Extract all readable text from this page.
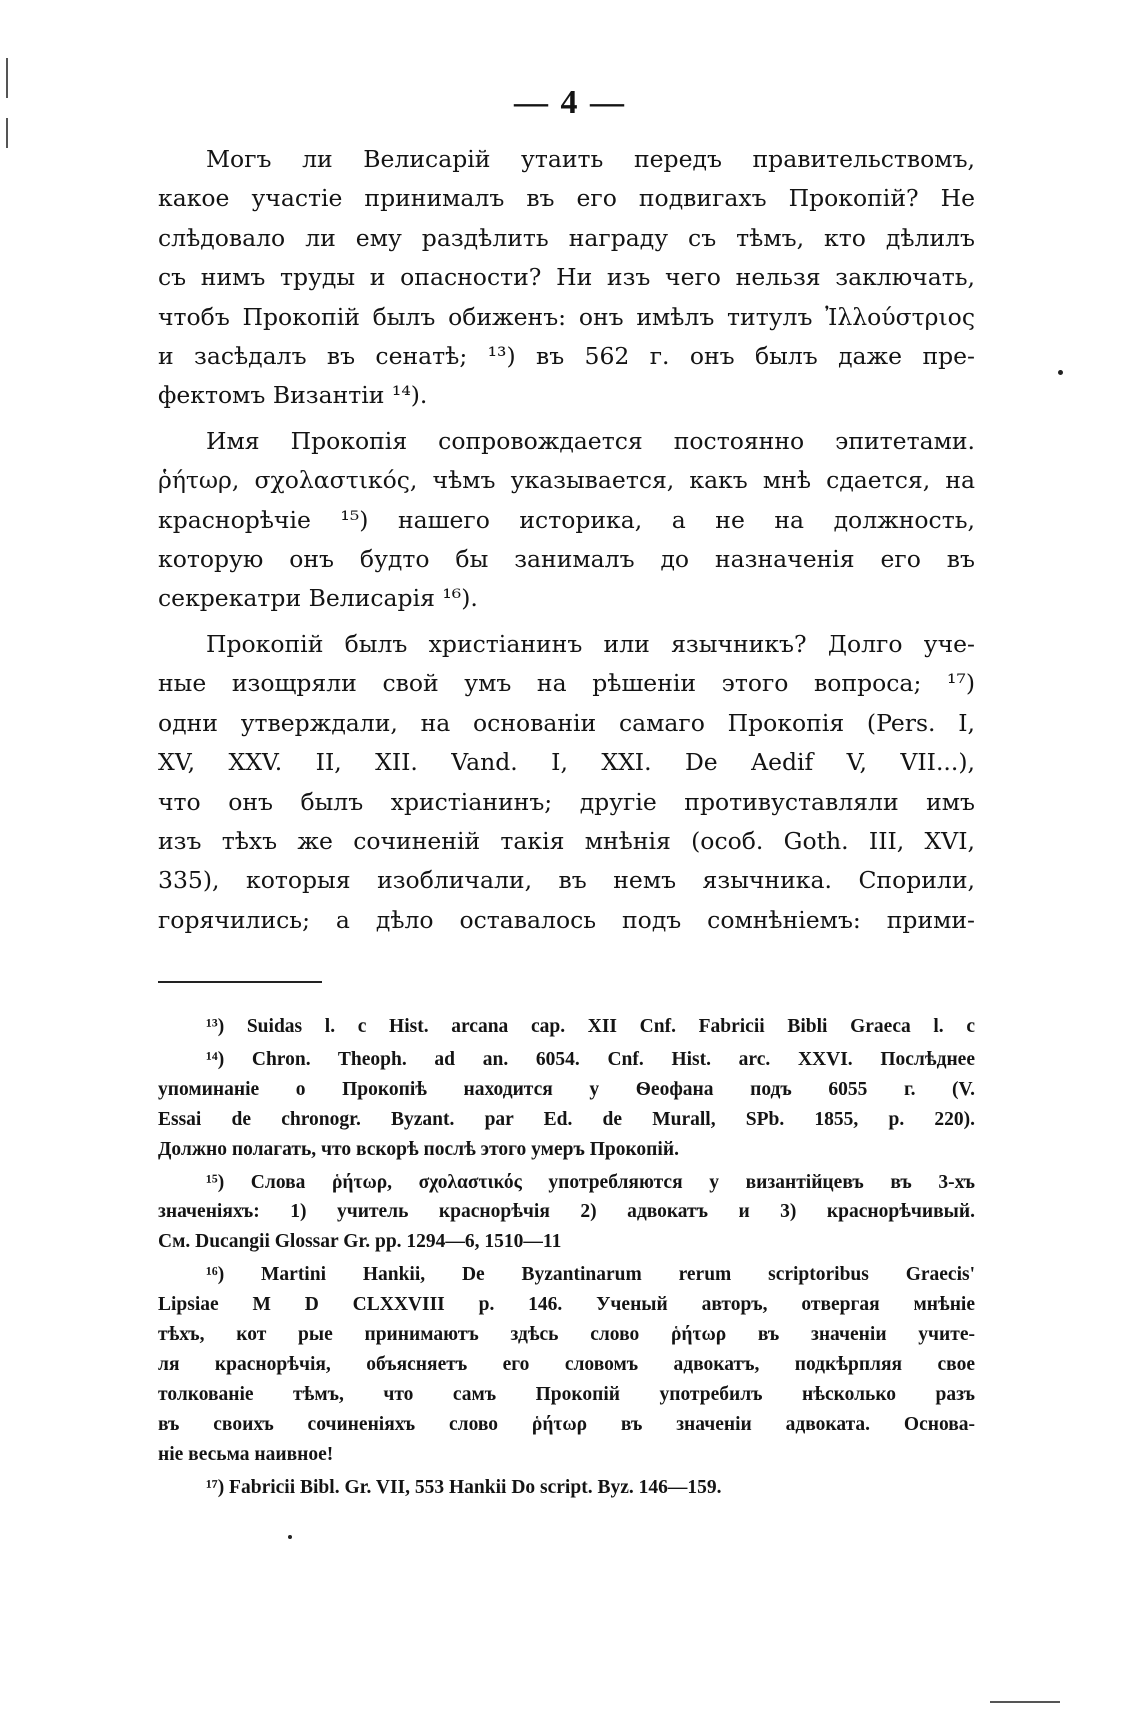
— 4 —
Могъ ли Велисарій утаить передъ правительствомъ,
какое участіе принималъ въ его подвигахъ Прокопій? Не
слѣдовало ли ему раздѣлить награду съ тѣмъ, кто дѣлилъ
съ нимъ труды и опасности? Ни изъ чего нельзя заключать,
чтобъ Прокопій былъ обиженъ: онъ имѣлъ титулъ Ἰλλούστριος
и засѣдалъ въ сенатѣ; ¹³) въ 562 г. онъ былъ даже пре-
фектомъ Византіи ¹⁴).
Имя Прокопія сопровождается постоянно эпитетами.
ῥήτωρ, σχολαστικός, чѣмъ указывается, какъ мнѣ сдается, на
краснорѣчіе ¹⁵) нашего историка, а не на должность,
которую онъ будто бы занималъ до назначенія его въ
секрекатри Велисарія ¹⁶).
Прокопій былъ христіанинъ или язычникъ? Долго уче-
ные изощряли свой умъ на рѣшеніи этого вопроса; ¹⁷)
одни утверждали, на основаніи самаго Прокопія (Pers. I,
XV, XXV. II, XII. Vand. I, XXI. De Aedif V, VII...),
что онъ былъ христіанинъ; другіе противуставляли имъ
изъ тѣхъ же сочиненій такія мнѣнія (особ. Goth. III, XVI,
335), которыя изобличали, въ немъ язычника. Спорили,
горячились; а дѣло оставалось подъ сомнѣніемъ: прими-
¹³) Suidas l. c Hist. arcana cap. XII Cnf. Fabricii Bibli Graeca l. c
¹⁴) Chron. Theoph. ad an. 6054. Cnf. Hist. arc. XXVI. Послѣднее
упоминаніе о Прокопіѣ находится у Ѳеофана подъ 6055 г. (V.
Essai de chronogr. Byzant. par Ed. de Murall, SPb. 1855, p. 220).
Должно полагать, что вскорѣ послѣ этого умеръ Прокопій.
¹⁵) Слова ῥήτωρ, σχολαστικός употребляются у византійцевъ въ 3-хъ
значеніяхъ: 1) учитель краснорѣчія 2) адвокатъ и 3) краснорѣчивый.
См. Ducangii Glossar Gr. pp. 1294—6, 1510—11
¹⁶) Martini Hankii, De Byzantinarum rerum scriptoribus Graecis'
Lipsiae M D CLXXVIII p. 146. Ученый авторъ, отвергая мнѣніе
тѣхъ, кот рые принимаютъ здѣсь слово ῥήτωρ въ значеніи учите-
ля краснорѣчія, объясняетъ его словомъ адвокатъ, подкѣрпляя свое
толкованіе тѣмъ, что самъ Прокопій употребилъ нѣсколько разъ
въ своихъ сочиненіяхъ слово ῥήτωρ въ значеніи адвоката. Основа-
ніе весьма наивное!
¹⁷) Fabricii Bibl. Gr. VII, 553 Hankii Do script. Byz. 146—159.
